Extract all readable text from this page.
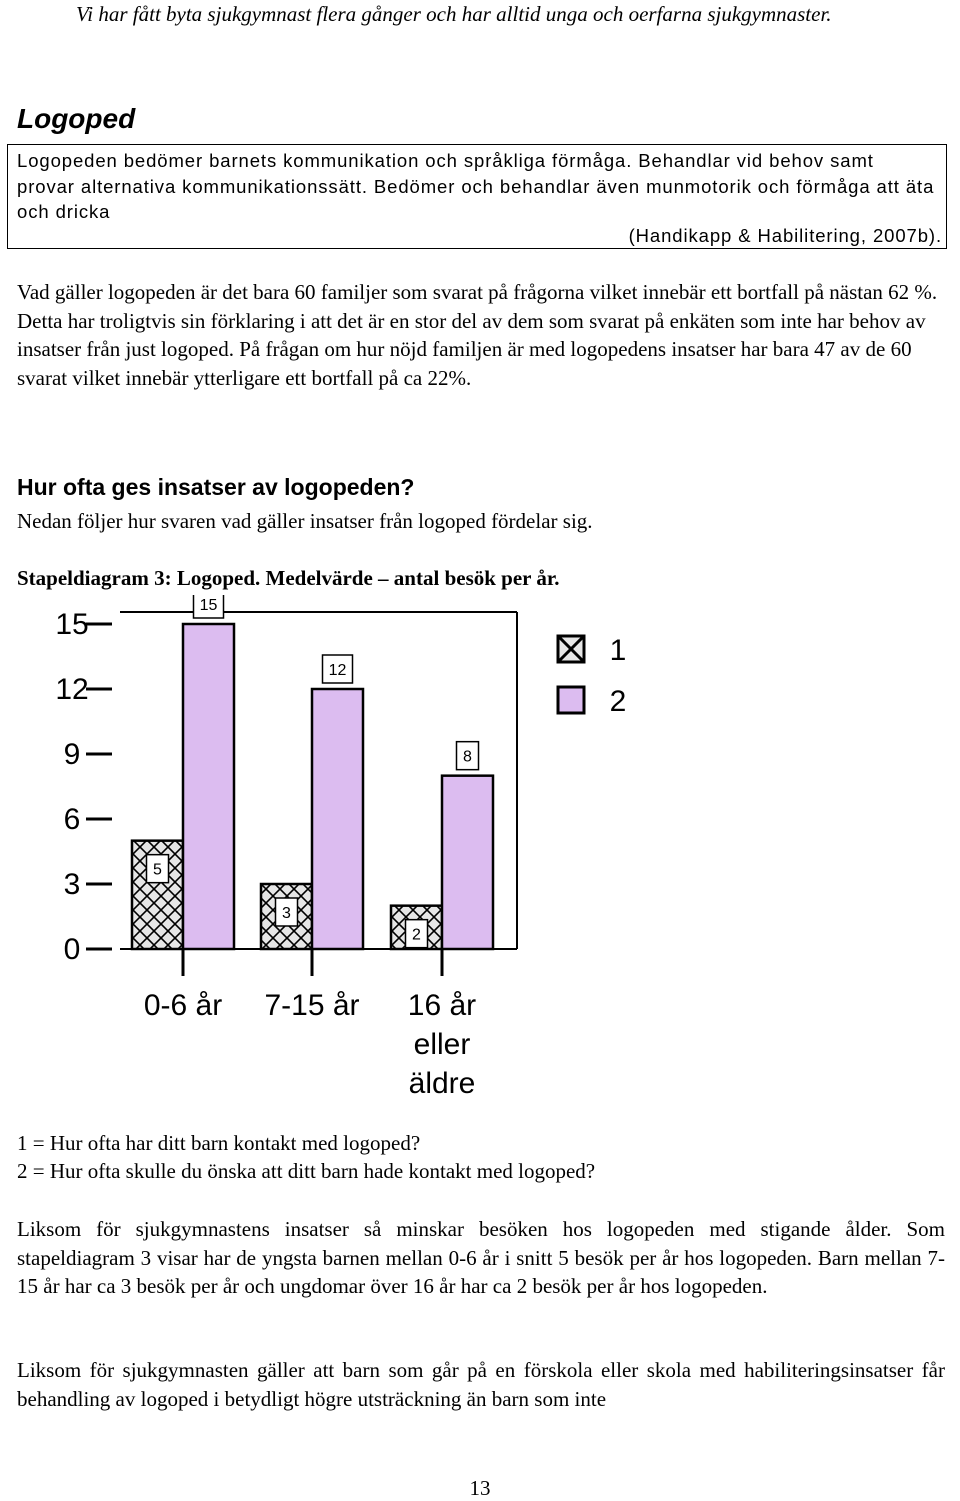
Vi har fått byta sjukgymnast flera gånger och har alltid unga och oerfarna sjukgymnaster.
Logoped
Logopeden bedömer barnets kommunikation och språkliga förmåga. Behandlar vid behov samt provar alternativa kommunikationssätt. Bedömer och behandlar även munmotorik och förmåga att äta och dricka
(Handikapp & Habilitering, 2007b).
Vad gäller logopeden är det bara 60 familjer som svarat på frågorna vilket innebär ett bortfall på nästan 62 %. Detta har troligtvis sin förklaring i att det är en stor del av dem som svarat på enkäten som inte har behov av insatser från just logoped. På frågan om hur nöjd familjen är med logopedens insatser har bara 47 av de 60 svarat vilket innebär ytterligare ett bortfall på ca 22%.
Hur ofta ges insatser av logopeden?
Nedan följer hur svaren vad gäller insatser från logoped fördelar sig.
Stapeldiagram 3: Logoped. Medelvärde – antal besök per år.
0
3
6
9
12
15
5
15
0-6 år
3
12
7-15 år
2
8
16 år
eller
äldre
1
2
1 = Hur ofta har ditt barn kontakt med logoped?
2 = Hur ofta skulle du önska att ditt barn hade kontakt med logoped?
Liksom för sjukgymnastens insatser så minskar besöken hos logopeden med stigande ålder. Som stapeldiagram 3 visar har de yngsta barnen mellan 0-6 år i snitt 5 besök per år hos logopeden. Barn mellan 7-15 år har ca 3 besök per år och ungdomar över 16 år har ca 2 besök per år hos logopeden.
Liksom för sjukgymnasten gäller att barn som går på en förskola eller skola med habiliteringsinsatser får behandling av logoped i betydligt högre utsträckning än barn som inte
13
